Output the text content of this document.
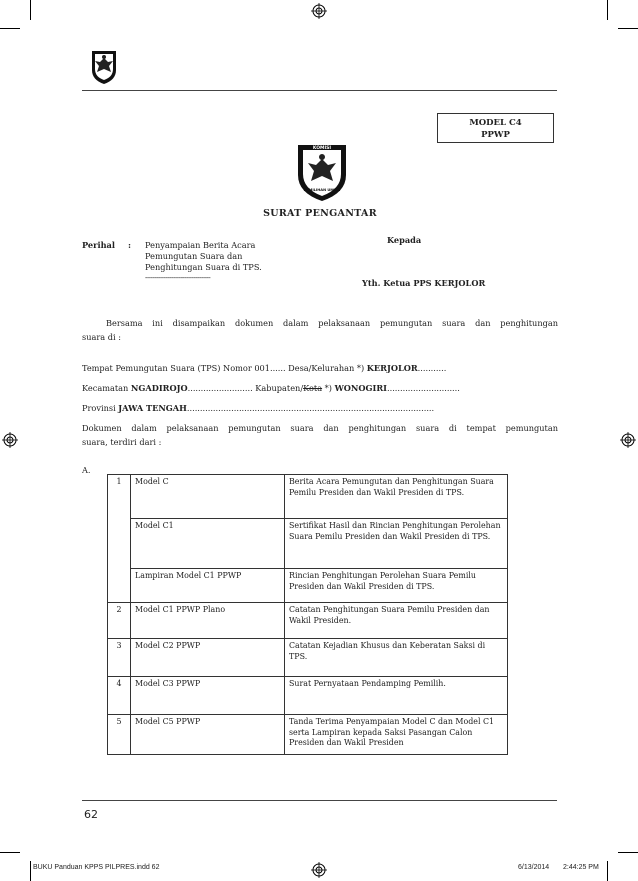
MODEL C4
PPWP
KOMISI
PEMILIHAN UMUM
SURAT PENGANTAR
Perihal : Penyampaian Berita Acara
Pemungutan Suara dan
Penghitungan Suara di TPS.
-----------------------------------
Kepada
Yth. Ketua PPS KERJOLOR
Bersama ini disampaikan dokumen dalam pelaksanaan pemungutan suara dan penghitungan
suara di :
Tempat Pemungutan Suara (TPS) Nomor 001...... Desa/Kelurahan *) KERJOLOR...........
Kecamatan NGADIROJO......................... Kabupaten/Kota *) WONOGIRI............................
Provinsi JAWA TENGAH...............................................................................................
Dokumen dalam pelaksanaan pemungutan suara dan penghitungan suara di tempat pemungutan
suara, terdiri dari :
A.
1	Model C	Berita Acara Pemungutan dan Penghitungan Suara Pemilu Presiden dan Wakil Presiden di TPS.
	Model C1	Sertifikat Hasil dan Rincian Penghitungan Perolehan Suara Pemilu Presiden dan Wakil Presiden di TPS.
	Lampiran Model C1 PPWP	Rincian Penghitungan Perolehan Suara Pemilu Presiden dan Wakil Presiden di TPS.
2	Model C1 PPWP Plano	Catatan Penghitungan Suara Pemilu Presiden dan Wakil Presiden.
3	Model C2 PPWP	Catatan Kejadian Khusus dan Keberatan Saksi di TPS.
4	Model C3 PPWP	Surat Pernyataan Pendamping Pemilih.
5	Model C5 PPWP	Tanda Terima Penyampaian Model C dan Model C1 serta Lampiran kepada Saksi Pasangan Calon Presiden dan Wakil Presiden
62
BUKU Panduan KPPS PILPRES.indd 62	6/13/2014 2:44:25 PM
